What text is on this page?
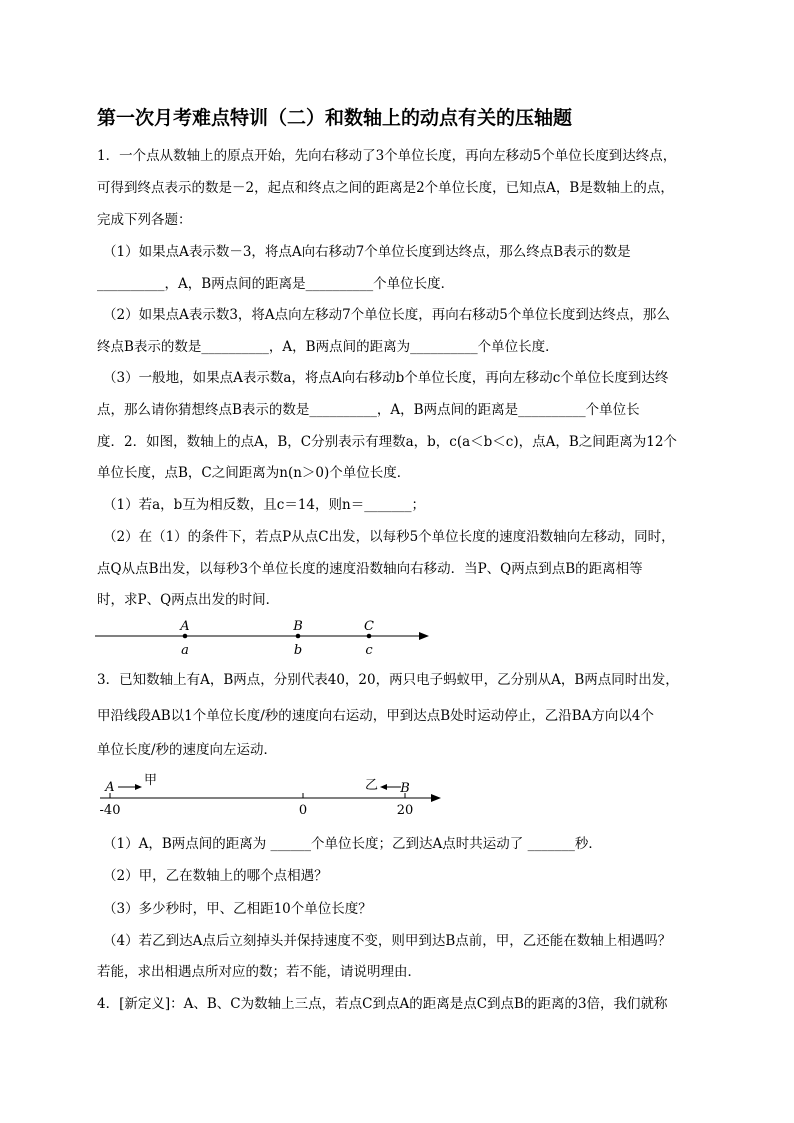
第一次月考难点特训（二）和数轴上的动点有关的压轴题
1．一个点从数轴上的原点开始，先向右移动了3个单位长度，再向左移动5个单位长度到达终点，
可得到终点表示的数是－2，起点和终点之间的距离是2个单位长度，已知点A，B是数轴上的点，
完成下列各题：
（1）如果点A表示数－3，将点A向右移动7个单位长度到达终点，那么终点B表示的数是
__________，A，B两点间的距离是__________个单位长度．
（2）如果点A表示数3，将A点向左移动7个单位长度，再向右移动5个单位长度到达终点，那么
终点B表示的数是__________，A，B两点间的距离为__________个单位长度．
（3）一般地，如果点A表示数a，将点A向右移动b个单位长度，再向左移动c个单位长度到达终
点，那么请你猜想终点B表示的数是__________，A，B两点间的距离是__________个单位长
度．2．如图，数轴上的点A，B，C分别表示有理数a，b，c(a＜b＜c)，点A，B之间距离为12个
单位长度，点B，C之间距离为n(n＞0)个单位长度．
（1）若a，b互为相反数，且c＝14，则n＝_______；
（2）在（1）的条件下，若点P从点C出发，以每秒5个单位长度的速度沿数轴向左移动，同时，
点Q从点B出发，以每秒3个单位长度的速度沿数轴向右移动．当P、Q两点到点B的距离相等
时，求P、Q两点出发的时间．
A	B	C
a	b	c
3．已知数轴上有A，B两点，分别代表40，20，两只电子蚂蚁甲，乙分别从A，B两点同时出发，
甲沿线段AB以1个单位长度/秒的速度向右运动，甲到达点B处时运动停止，乙沿BA方向以4个
单位长度/秒的速度向左运动．
A 甲	乙 B
-40	0	20
（1）A，B两点间的距离为 ______个单位长度；乙到达A点时共运动了 _______秒．
（2）甲，乙在数轴上的哪个点相遇？
（3）多少秒时，甲、乙相距10个单位长度？
（4）若乙到达A点后立刻掉头并保持速度不变，则甲到达B点前，甲，乙还能在数轴上相遇吗？
若能，求出相遇点所对应的数；若不能，请说明理由．
4．[新定义]：A、B、C为数轴上三点，若点C到点A的距离是点C到点B的距离的3倍，我们就称
